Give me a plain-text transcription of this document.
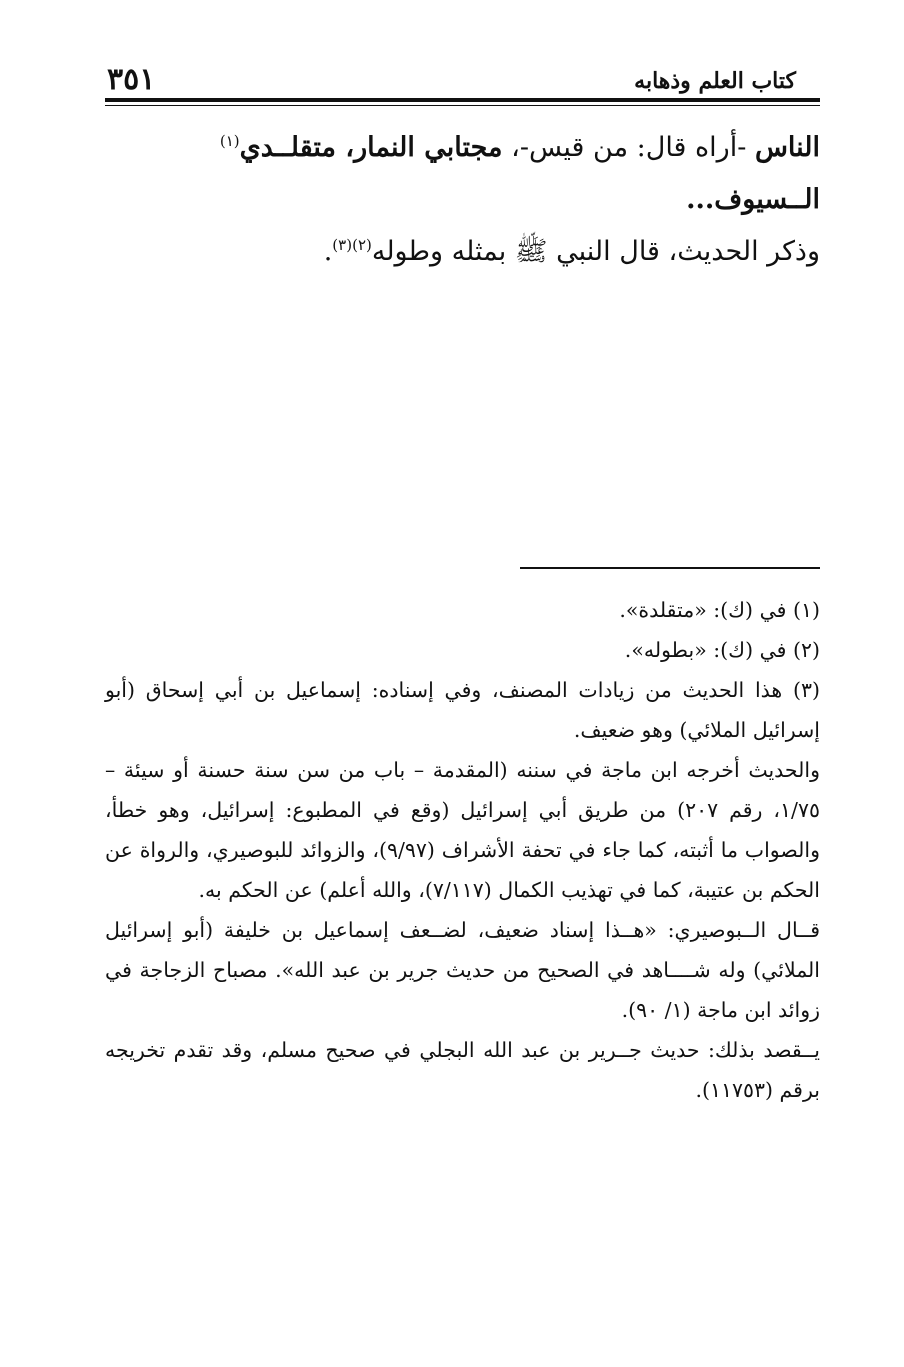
٣٥١	كتاب العلم وذهابه

الناس -أراه قال: من قيس-، مجتابي النمار، متقلــدي$^{(١)}$ الــسيوف...

وذكر الحديث، قال النبي ﷺ بمثله وطوله$^{(٢)(٣)}$.

(١) في (ك): «متقلدة».

(٢) في (ك): «بطوله».

(٣) هذا الحديث من زيادات المصنف، وفي إسناده: إسماعيل بن أبي إسحاق (أبو إسرائيل الملائي) وهو ضعيف.

والحديث أخرجه ابن ماجة في سننه (المقدمة – باب من سن سنة حسنة أو سيئة – ١/٧٥، رقم ٢٠٧) من طريق أبي إسرائيل (وقع في المطبوع: إسرائيل، وهو خطأ، والصواب ما أثبته، كما جاء في تحفة الأشراف (٩/٩٧)، والزوائد للبوصيري، والرواة عن الحكم بن عتيبة، كما في تهذيب الكمال (٧/١١٧)، والله أعلم) عن الحكم به.

قــال الــبوصيري: «هــذا إسناد ضعيف، لضــعف إسماعيل بن خليفة (أبو إسرائيل الملائي) وله شــــاهد في الصحيح من حديث جرير بن عبد الله». مصباح الزجاجة في زوائد ابن ماجة (١/ ٩٠).

يــقصد بذلك: حديث جــرير بن عبد الله البجلي في صحيح مسلم، وقد تقدم تخريجه برقم (١١٧٥٣).
